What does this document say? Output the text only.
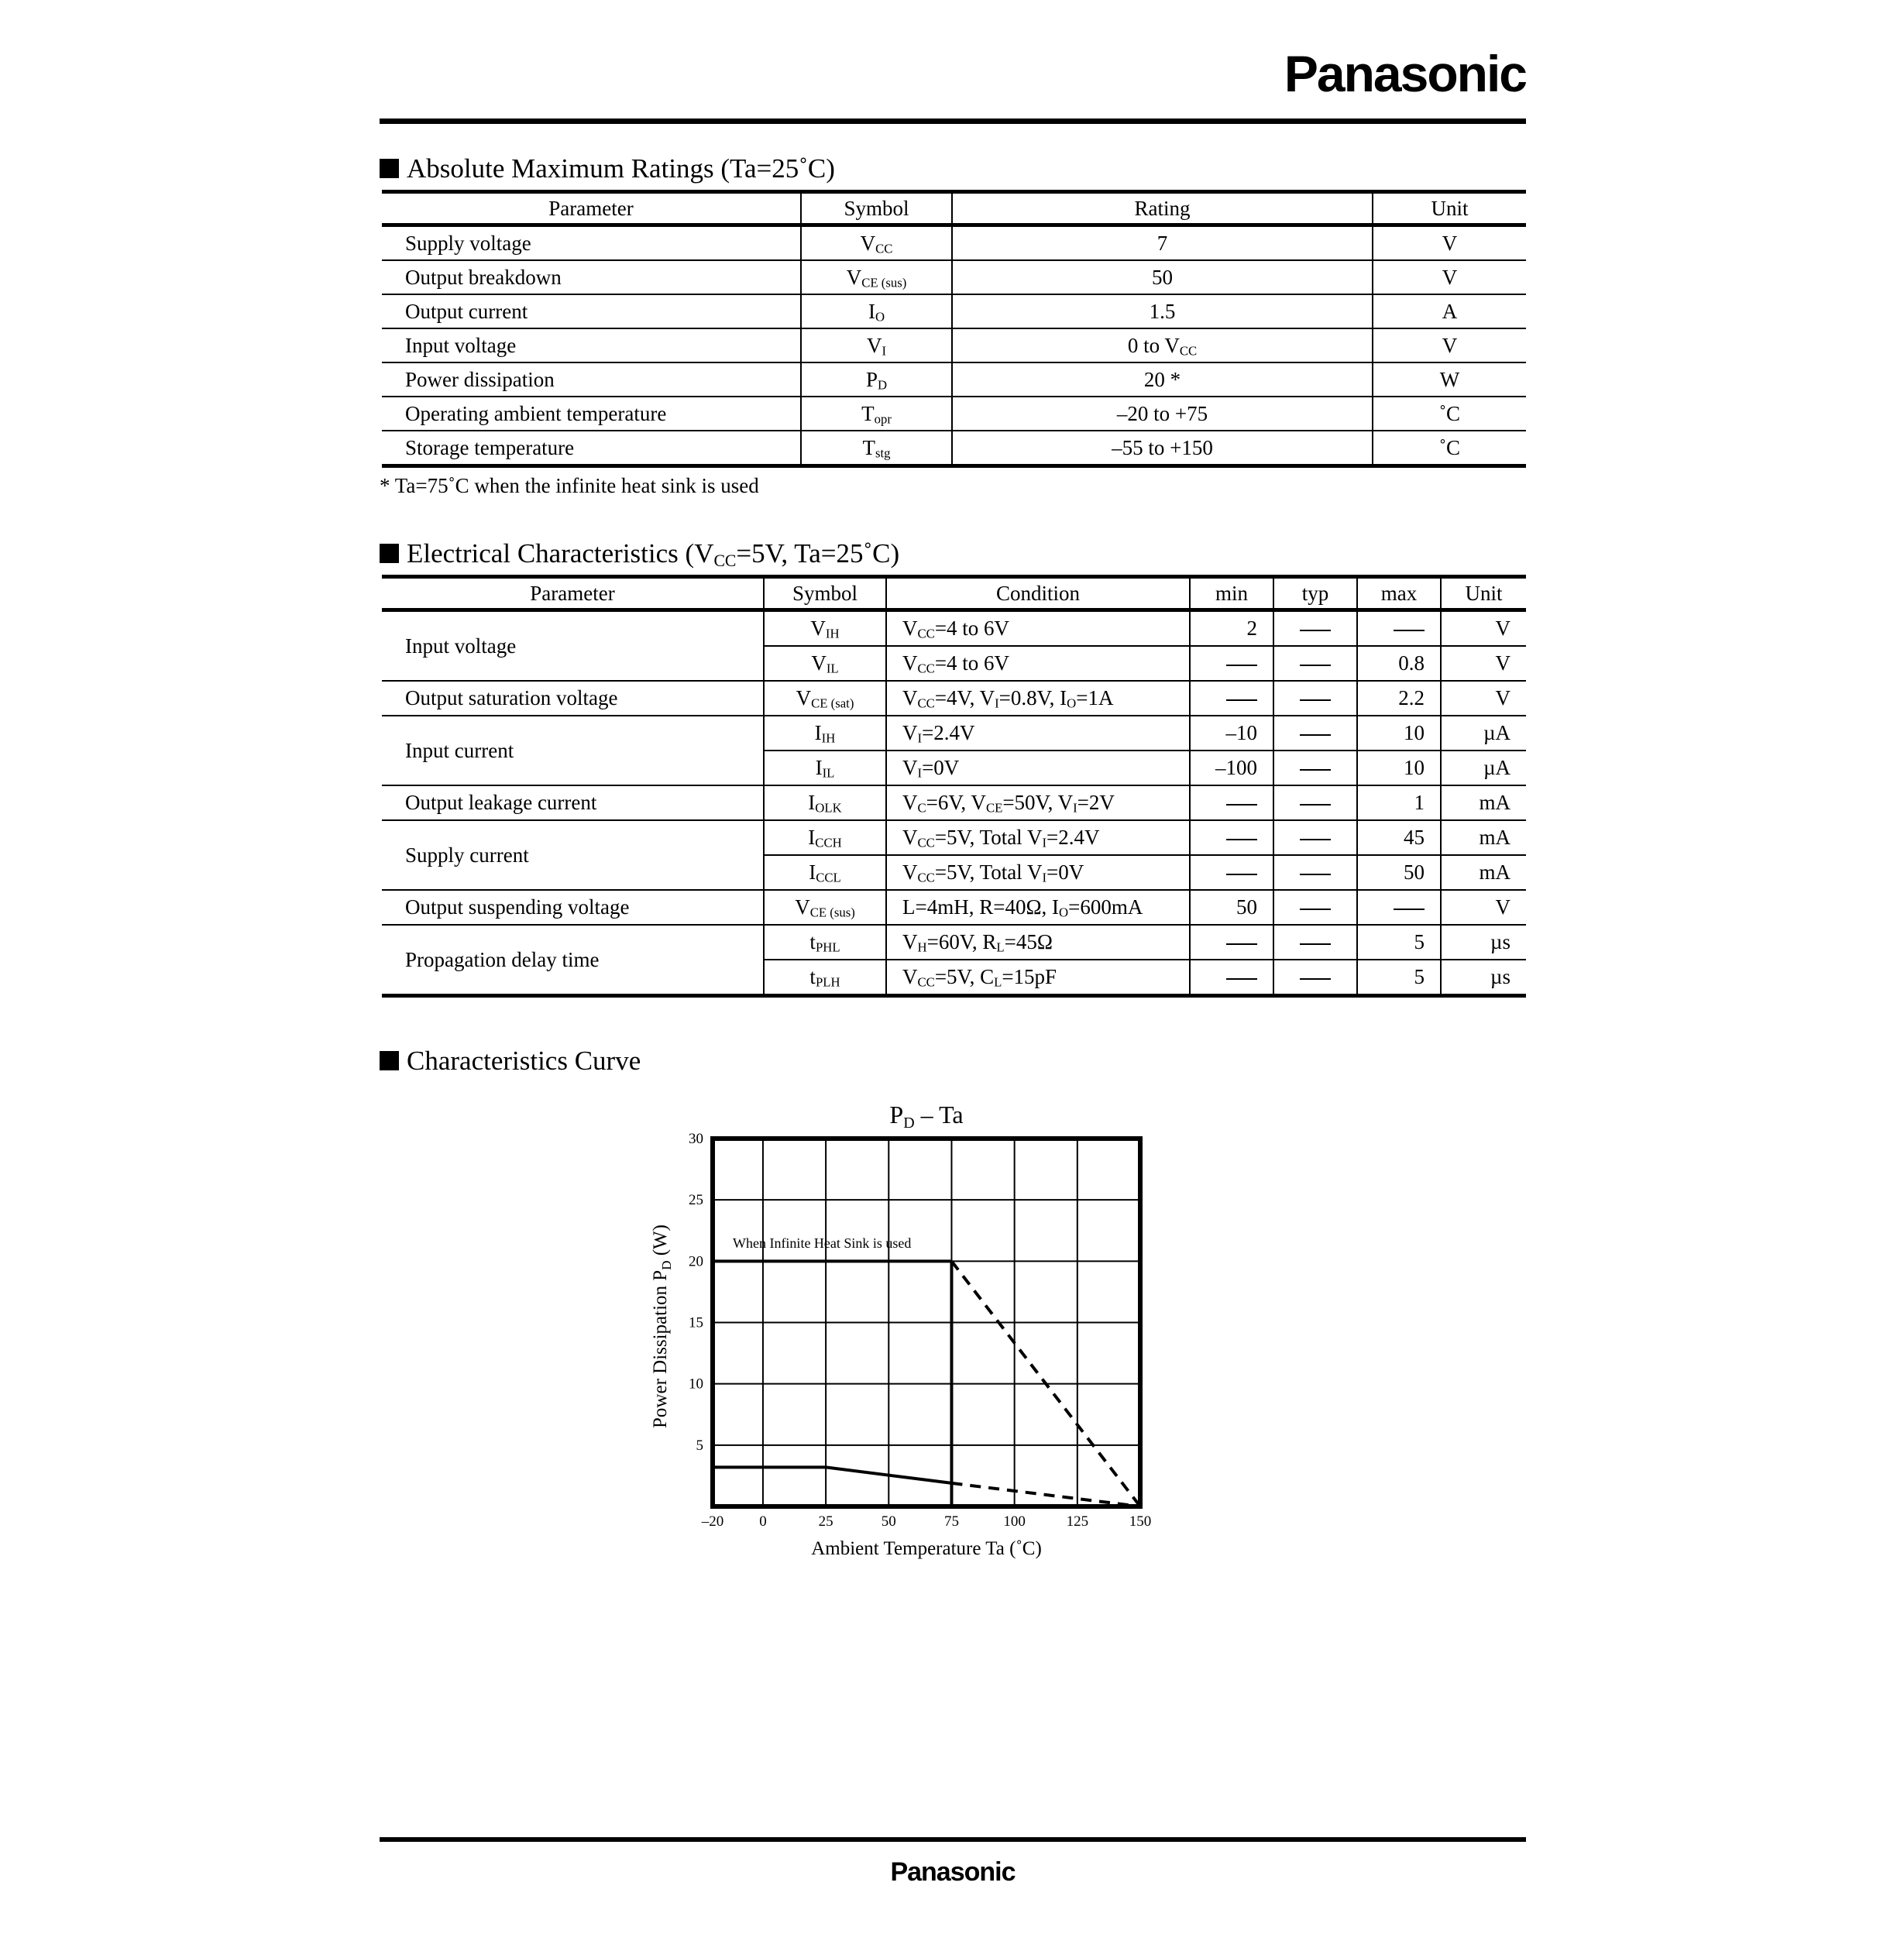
Panasonic
Absolute Maximum Ratings (Ta=25˚C)
Parameter	Symbol	Rating	Unit
Supply voltage	$V_{CC}$	7	V
Output breakdown	$V_{CE (sus)}$	50	V
Output current	$I_O$	1.5	A
Input voltage	$V_I$	0 to $V_{CC}$	V
Power dissipation	$P_D$	20 *	W
Operating ambient temperature	$T_{opr}$	–20 to +75	˚C
Storage temperature	$T_{stg}$	–55 to +150	˚C
* Ta=75˚C when the infinite heat sink is used
Electrical Characteristics ($V_{CC}=5V$, Ta=25˚C)
Parameter	Symbol	Condition	min	typ	max	Unit
Input voltage	$V_{IH}$	$V_{CC}=4$ to 6V	2			V
	$V_{IL}$	$V_{CC}=4$ to 6V			0.8	V
Output saturation voltage	$V_{CE (sat)}$	$V_{CC}=4V$, $V_I=0.8V$, $I_O=1A$			2.2	V
Input current	$I_{IH}$	$V_I=2.4V$	–10		10	µA
	$I_{IL}$	$V_I=0V$	–100		10	µA
Output leakage current	$I_{OLK}$	$V_C=6V$, $V_{CE}=50V$, $V_I=2V$			1	mA
Supply current	$I_{CCH}$	$V_{CC}=5V$, Total $V_I=2.4V$			45	mA
	$I_{CCL}$	$V_{CC}=5V$, Total $V_I=0V$			50	mA
Output suspending voltage	$V_{CE (sus)}$	L=4mH, R=40Ω, $I_O=600mA$	50			V
Propagation delay time	$t_{PHL}$	$V_H=60V$, $R_L=45\Omega$			5	µs
	$t_{PLH}$	$V_{CC}=5V$, $C_L=15pF$			5	µs
Characteristics Curve
PD – Ta
–20 0	25	50	75	100	125	150
5
10
15
20
25
30
Ambient Temperature Ta (˚C)
Power Dissipation $P_D$ (W)	When Infinite Heat Sink is used
Panasonic
